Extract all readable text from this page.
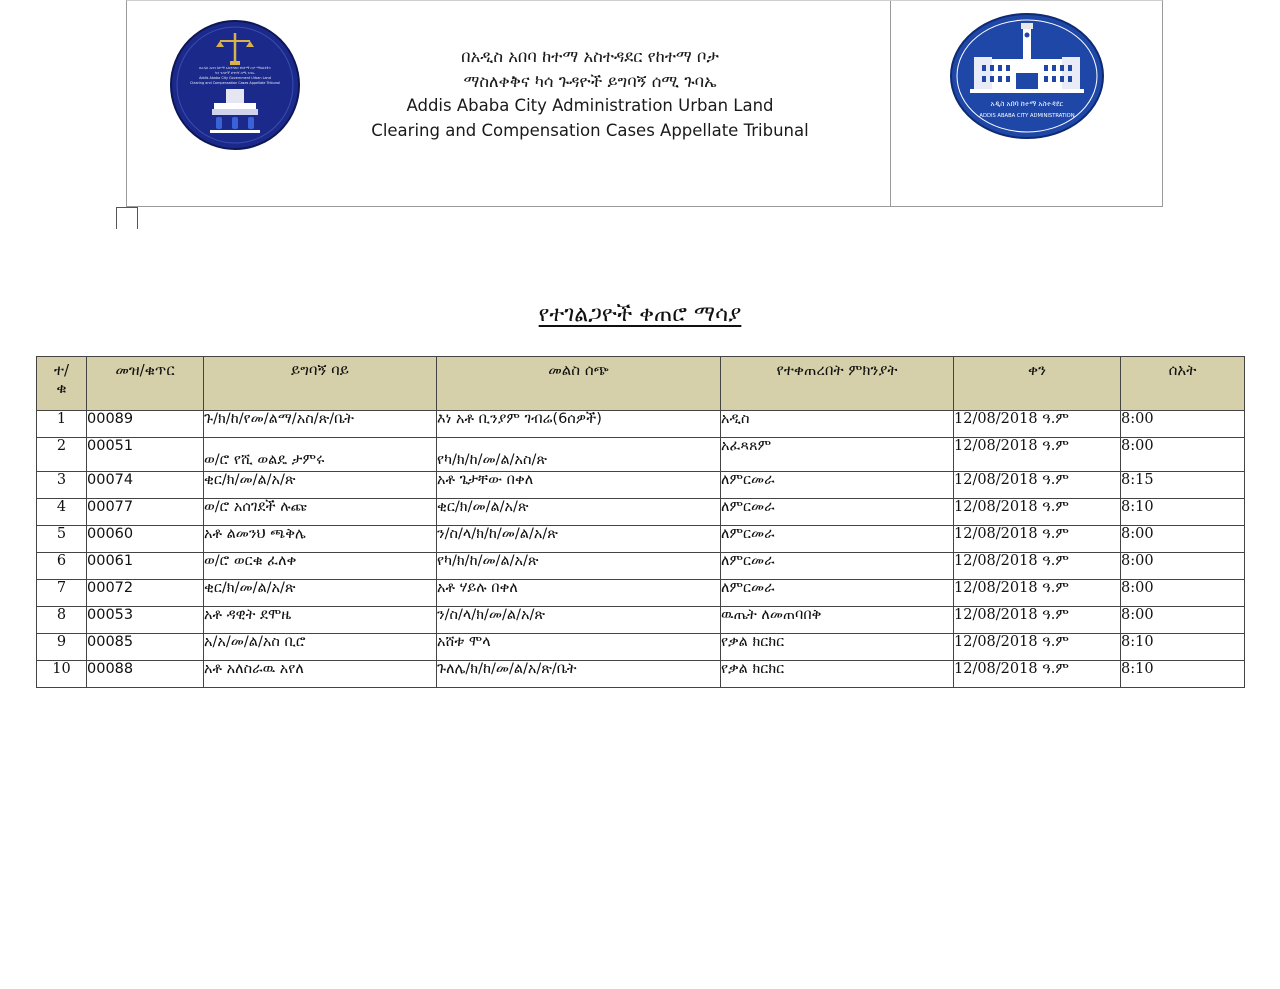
በአዲስ አበባ ከተማ አስተዳደር የከተማ ቦታ ማስለቀቅና
ካሳ ጉዳዮች ይግባኝ ሰሚ ጉባኤ
Addis Ababa City Government Urban Land
Clearing and Compensation Cases Appellate Tribunal
በአዲስ አበባ ከተማ አስተዳደር የከተማ ቦታ
ማስለቀቅና ካሳ ጉዳዮች ይግባኝ ሰሚ ጉባኤ
Addis Ababa City Administration Urban Land
Clearing and Compensation Cases Appellate Tribunal
አዲስ አበባ ከተማ አስተዳደር
ADDIS ABABA CITY ADMINISTRATION
የተገልጋዮች ቀጠሮ ማሳያ
ተ/
ቁ	መዝ/ቁጥር	ይግባኝ ባይ	መልስ ሰጭ	የተቀጠረበት ምክንያት	ቀን	ሰአት
1	00089	ጉ/ክ/ከ/የመ/ልማ/አስ/ጽ/ቤት	እነ አቶ ቢንያም ገብሬ(6ሰዎች)	አዲስ	12/08/2018 ዓ.ም	8:00
2	00051	ወ/ሮ የሺ ወልዴ ታምሩ	የካ/ክ/ከ/መ/ል/አስ/ጽ	አፈጻጸም	12/08/2018 ዓ.ም	8:00
3	00074	ቂር/ክ/መ/ል/አ/ጽ	አቶ ጌታቸው በቀለ	ለምርመራ	12/08/2018 ዓ.ም	8:15
4	00077	ወ/ሮ አሰገደች ሉጩ	ቂር/ክ/መ/ል/አ/ጽ	ለምርመራ	12/08/2018 ዓ.ም	8:10
5	00060	አቶ ልመንህ ጫቅሌ	ን/ስ/ላ/ክ/ከ/መ/ል/አ/ጽ	ለምርመራ	12/08/2018 ዓ.ም	8:00
6	00061	ወ/ሮ ወርቁ ፈለቀ	የካ/ክ/ከ/መ/ል/አ/ጽ	ለምርመራ	12/08/2018 ዓ.ም	8:00
7	00072	ቂር/ክ/መ/ል/አ/ጽ	አቶ ሃይሉ በቀለ	ለምርመራ	12/08/2018 ዓ.ም	8:00
8	00053	አቶ ዳዊት ደሞዜ	ን/ስ/ላ/ክ/መ/ል/አ/ጽ	ዉጤት ለመጠባበቅ	12/08/2018 ዓ.ም	8:00
9	00085	አ/አ/መ/ል/አስ ቢሮ	አሸቱ ሞላ	የቃል ክርክር	12/08/2018 ዓ.ም	8:10
10	00088	አቶ አለስራዉ አየለ	ጉለሌ/ክ/ከ/መ/ል/አ/ጽ/ቤት	የቃል ክርክር	12/08/2018 ዓ.ም	8:10
